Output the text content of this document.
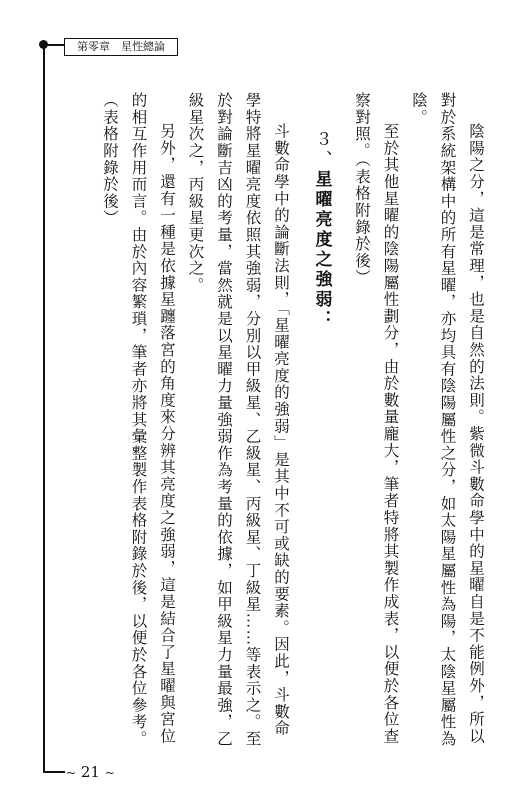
第零章　星性總論

陰陽之分，這是常理，也是自然的法則。紫微斗數命學中的星曜自是不能例外，所以對於系統架構中的所有星曜，亦均具有陰陽屬性之分，如太陽星屬性為陽，太陰星屬性為陰。

至於其他星曜的陰陽屬性劃分，由於數量龐大，筆者特將其製作成表，以便於各位查察對照。（表格附錄於後）

３、星曜亮度之強弱：

斗數命學中的論斷法則，「星曜亮度的強弱」是其中不可或缺的要素。因此，斗數命學特將星曜亮度依照其強弱，分別以甲級星、乙級星、丙級星、丁級星……等表示之。至於對論斷吉凶的考量，當然就是以星曜力量強弱作為考量的依據，如甲級星力量最強，乙級星次之，丙級星更次之。

另外，還有一種是依據星躔落宮的角度來分辨其亮度之強弱，這是結合了星曜與宮位的相互作用而言。由於內容繁瑣，筆者亦將其彙整製作表格附錄於後，以便於各位參考。（表格附錄於後）

~ 21 ~
